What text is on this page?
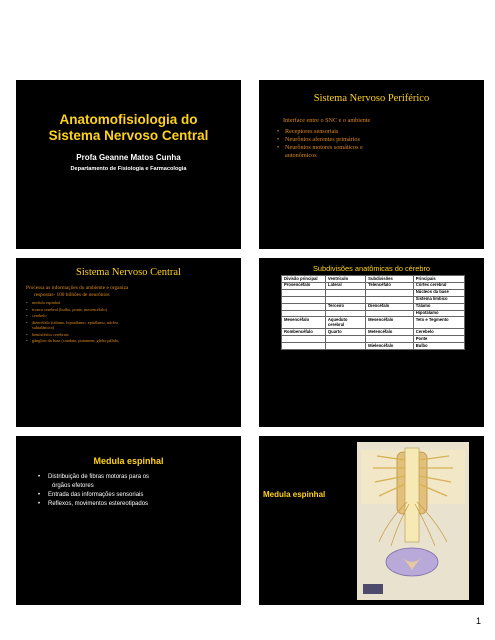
Anatomofisiologia do
Sistema Nervoso Central
Profa Geanne Matos Cunha
Departamento de Fisiologia e Farmacologia
Sistema Nervoso Periférico
Interface entre o SNC e o ambiente
• Receptores sensoriais
• Neurônios aferentes primários
• Neurônios motores somáticos e
autonômicos
Sistema Nervoso Central
Processa as informações do ambiente e organiza
respostas- 100 bilhões de neurônios
• medula espinhal
• tronco cerebral (bulbo, ponte, mesencéfalo)
• cerebelo
• diencéfalo (tálamo, hipotálamo, epitálamo, núcleo
subtalâmico)
• hemisférios cerebrais
• gânglios da base (caudato, putamem, globo pálido,
Subdivisões anatômicas do cérebro
Divisão principal	Ventrículo	Subdivisões	Principais
Prosencéfalo	Lateral	Telencéfalo	Córtex cerebral
			Núcleos da base
			Sistema límbico
	Terceiro	Diencéfalo	Tálamo
			Hipotálamo
Mesencéfalo	Aqueduto cerebral	Mesencéfalo	Teto e Tegmento
Rombencéfalo	Quarto	Metencéfalo	Cerebelo
			Ponte
		Mielencéfalo	Bulbo
Medula espinhal
• Distribuição de fibras motoras para os
órgãos efetores
• Entrada das informações sensoriais
• Reflexos, movimentos estereotipados
Medula espinhal
1
